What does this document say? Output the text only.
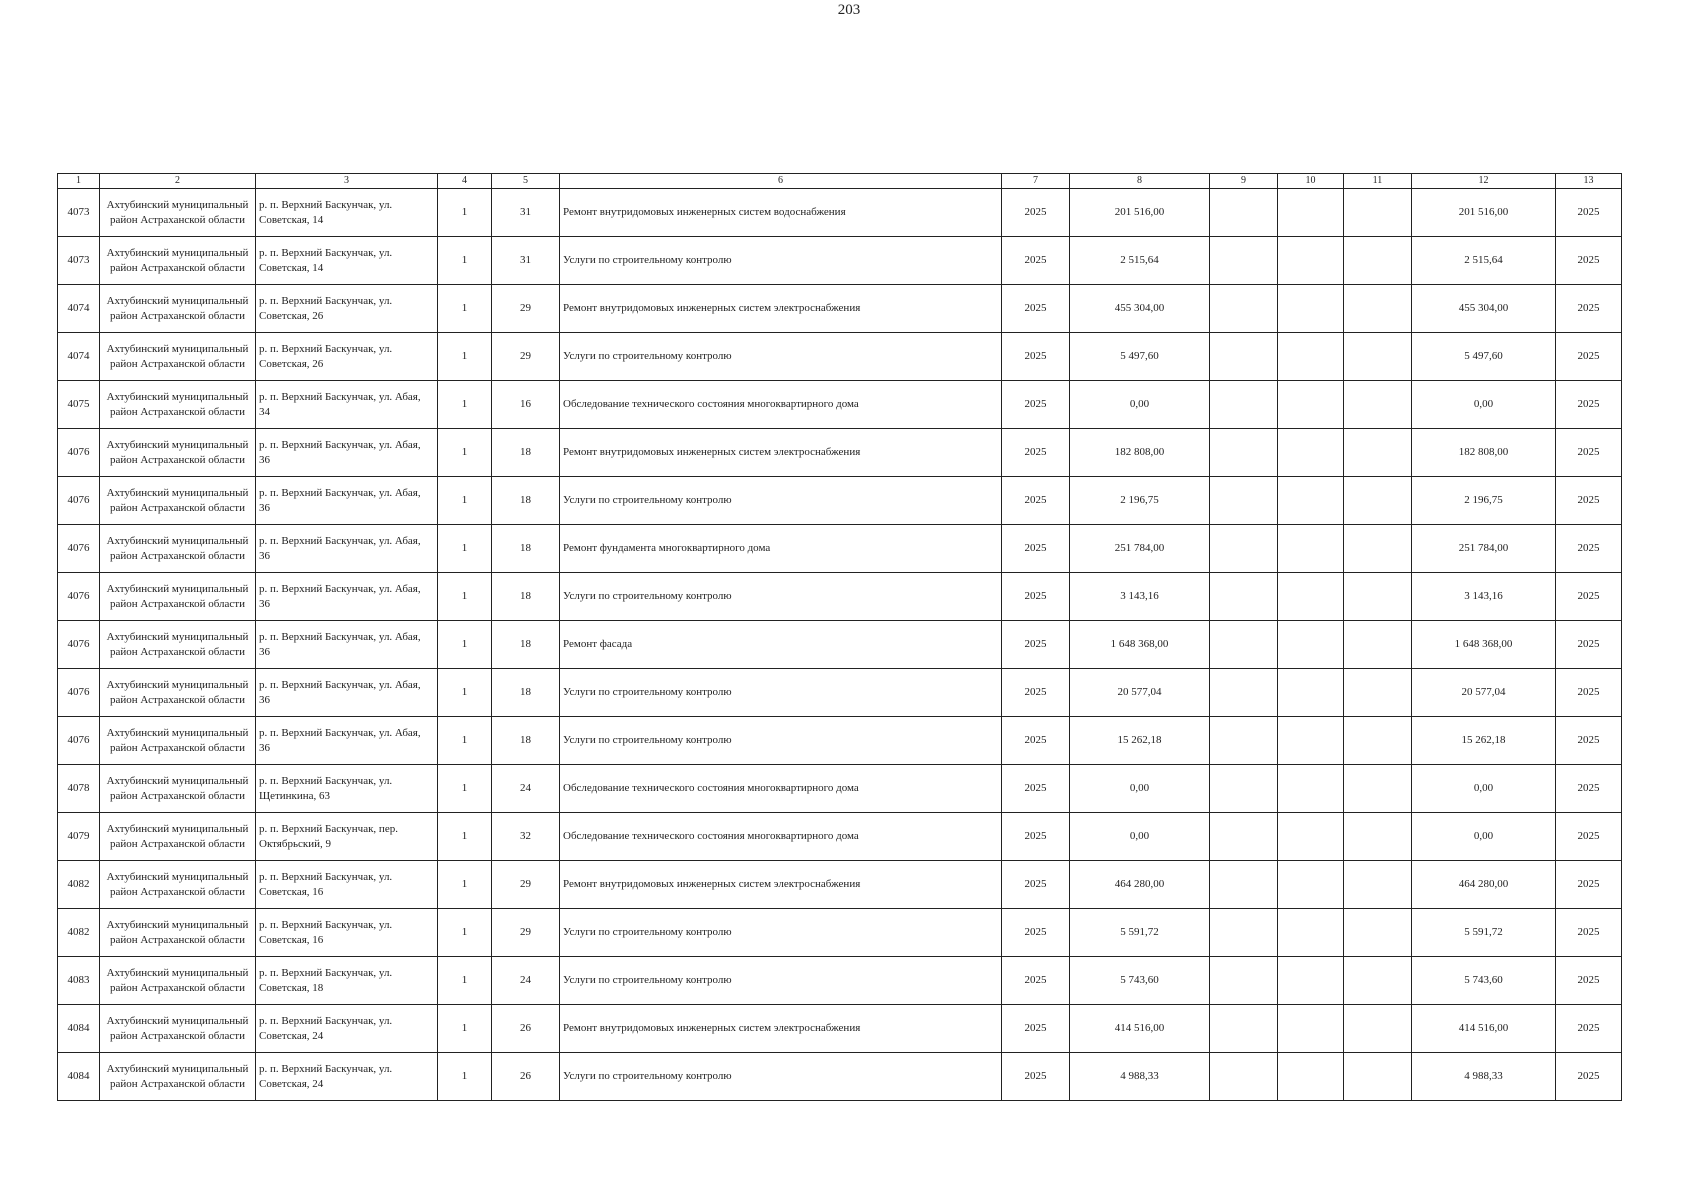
203
1	2	3	4	5	6	7	8	9	10	11	12	13
4073	Ахтубинский муниципальный район Астраханской области	р. п. Верхний Баскунчак, ул. Советская, 14	1	31	Ремонт внутридомовых инженерных систем водоснабжения	2025	201 516,00				201 516,00	2025
4073	Ахтубинский муниципальный район Астраханской области	р. п. Верхний Баскунчак, ул. Советская, 14	1	31	Услуги по строительному контролю	2025	2 515,64				2 515,64	2025
4074	Ахтубинский муниципальный район Астраханской области	р. п. Верхний Баскунчак, ул. Советская, 26	1	29	Ремонт внутридомовых инженерных систем электроснабжения	2025	455 304,00				455 304,00	2025
4074	Ахтубинский муниципальный район Астраханской области	р. п. Верхний Баскунчак, ул. Советская, 26	1	29	Услуги по строительному контролю	2025	5 497,60				5 497,60	2025
4075	Ахтубинский муниципальный район Астраханской области	р. п. Верхний Баскунчак, ул. Абая, 34	1	16	Обследование технического состояния многоквартирного дома	2025	0,00				0,00	2025
4076	Ахтубинский муниципальный район Астраханской области	р. п. Верхний Баскунчак, ул. Абая, 36	1	18	Ремонт внутридомовых инженерных систем электроснабжения	2025	182 808,00				182 808,00	2025
4076	Ахтубинский муниципальный район Астраханской области	р. п. Верхний Баскунчак, ул. Абая, 36	1	18	Услуги по строительному контролю	2025	2 196,75				2 196,75	2025
4076	Ахтубинский муниципальный район Астраханской области	р. п. Верхний Баскунчак, ул. Абая, 36	1	18	Ремонт фундамента многоквартирного дома	2025	251 784,00				251 784,00	2025
4076	Ахтубинский муниципальный район Астраханской области	р. п. Верхний Баскунчак, ул. Абая, 36	1	18	Услуги по строительному контролю	2025	3 143,16				3 143,16	2025
4076	Ахтубинский муниципальный район Астраханской области	р. п. Верхний Баскунчак, ул. Абая, 36	1	18	Ремонт фасада	2025	1 648 368,00				1 648 368,00	2025
4076	Ахтубинский муниципальный район Астраханской области	р. п. Верхний Баскунчак, ул. Абая, 36	1	18	Услуги по строительному контролю	2025	20 577,04				20 577,04	2025
4076	Ахтубинский муниципальный район Астраханской области	р. п. Верхний Баскунчак, ул. Абая, 36	1	18	Услуги по строительному контролю	2025	15 262,18				15 262,18	2025
4078	Ахтубинский муниципальный район Астраханской области	р. п. Верхний Баскунчак, ул. Щетинкина, 63	1	24	Обследование технического состояния многоквартирного дома	2025	0,00				0,00	2025
4079	Ахтубинский муниципальный район Астраханской области	р. п. Верхний Баскунчак, пер. Октябрьский, 9	1	32	Обследование технического состояния многоквартирного дома	2025	0,00				0,00	2025
4082	Ахтубинский муниципальный район Астраханской области	р. п. Верхний Баскунчак, ул. Советская, 16	1	29	Ремонт внутридомовых инженерных систем электроснабжения	2025	464 280,00				464 280,00	2025
4082	Ахтубинский муниципальный район Астраханской области	р. п. Верхний Баскунчак, ул. Советская, 16	1	29	Услуги по строительному контролю	2025	5 591,72				5 591,72	2025
4083	Ахтубинский муниципальный район Астраханской области	р. п. Верхний Баскунчак, ул. Советская, 18	1	24	Услуги по строительному контролю	2025	5 743,60				5 743,60	2025
4084	Ахтубинский муниципальный район Астраханской области	р. п. Верхний Баскунчак, ул. Советская, 24	1	26	Ремонт внутридомовых инженерных систем электроснабжения	2025	414 516,00				414 516,00	2025
4084	Ахтубинский муниципальный район Астраханской области	р. п. Верхний Баскунчак, ул. Советская, 24	1	26	Услуги по строительному контролю	2025	4 988,33				4 988,33	2025
